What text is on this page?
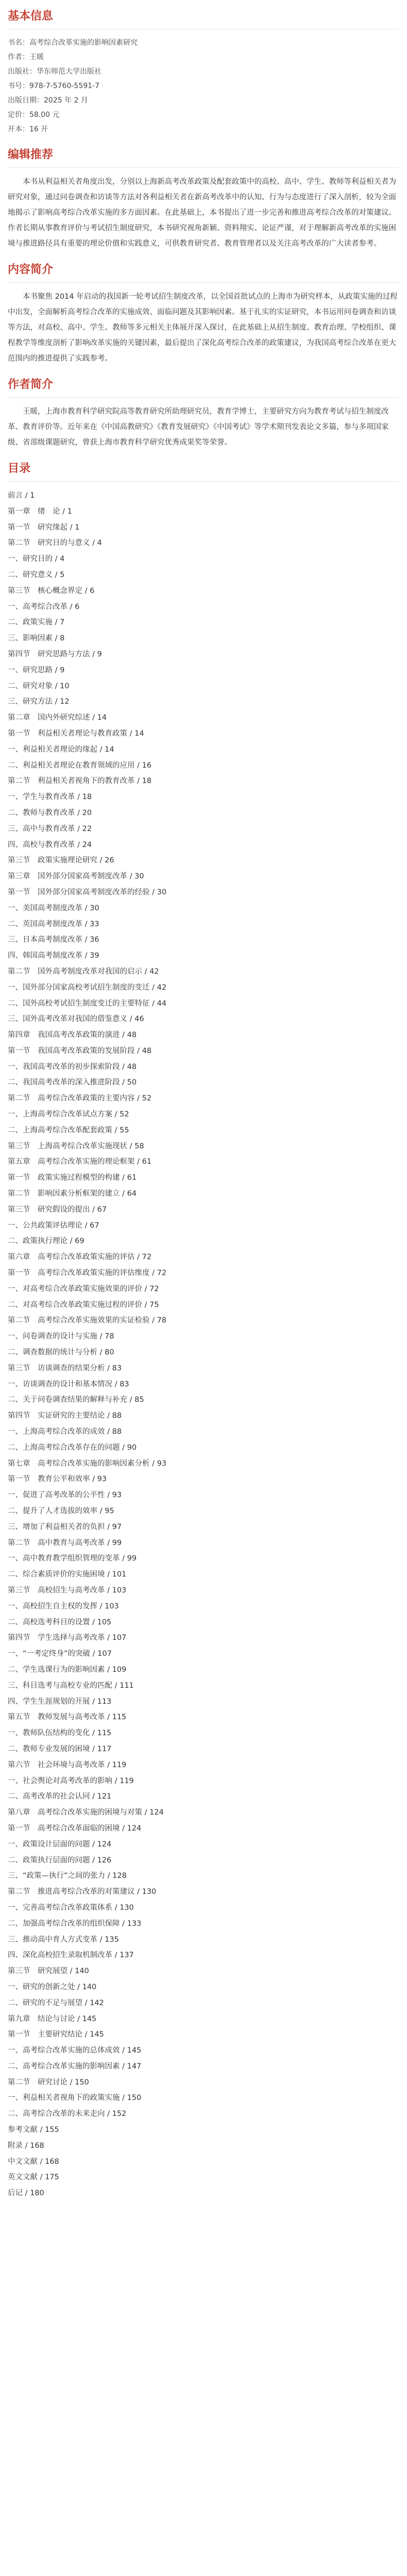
基本信息
书名：高考综合改革实施的影响因素研究
作者：王暖
出版社：华东师范大学出版社
书号：978-7-5760-5591-7
出版日期：2025 年 2 月
定价：58.00 元
开本：16 开
编辑推荐

本书从利益相关者角度出发，分别以上海新高考改革政策及配套政策中的高校、高中、学生、教师等利益相关者为研究对象，通过问卷调查和访谈等方法对各利益相关者在新高考改革中的认知、行为与态度进行了深入剖析，较为全面地揭示了影响高考综合改革实施的多方面因素。在此基础上，本书提出了进一步完善和推进高考综合改革的对策建议。作者长期从事教育评价与考试招生制度研究，本书研究视角新颖、资料翔实、论证严谨，对于理解新高考改革的实施困境与推进路径具有重要的理论价值和实践意义，可供教育研究者、教育管理者以及关注高考改革的广大读者参考。

内容简介

本书聚焦 2014 年启动的我国新一轮考试招生制度改革，以全国首批试点的上海市为研究样本，从政策实施的过程中出发，全面解析高考综合改革的实施成效、面临问题及其影响因素。基于扎实的实证研究，本书运用问卷调查和访谈等方法，对高校、高中、学生、教师等多元相关主体展开深入探讨，在此基础上从招生制度、教育治理、学校组织、课程教学等维度剖析了影响改革实施的关键因素，最后提出了深化高考综合改革的政策建议，为我国高考综合改革在更大范围内的推进提供了实践参考。

作者简介

王暖，上海市教育科学研究院高等教育研究所助理研究员，教育学博士，主要研究方向为教育考试与招生制度改革、教育评价等。近年来在《中国高教研究》《教育发展研究》《中国考试》等学术期刊发表论文多篇，参与多项国家级、省部级课题研究，曾获上海市教育科学研究优秀成果奖等荣誉。

目录
前言 / 1
第一章　绪　论 / 1
第一节　研究缘起 / 1
第二节　研究目的与意义 / 4
一、研究目的 / 4
二、研究意义 / 5
第三节　核心概念界定 / 6
一、高考综合改革 / 6
二、政策实施 / 7
三、影响因素 / 8
第四节　研究思路与方法 / 9
一、研究思路 / 9
二、研究对象 / 10
三、研究方法 / 12
第二章　国内外研究综述 / 14
第一节　利益相关者理论与教育政策 / 14
一、利益相关者理论的缘起 / 14
二、利益相关者理论在教育领域的应用 / 16
第二节　利益相关者视角下的教育改革 / 18
一、学生与教育改革 / 18
二、教师与教育改革 / 20
三、高中与教育改革 / 22
四、高校与教育改革 / 24
第三节　政策实施理论研究 / 26
第三章　国外部分国家高考制度改革 / 30
第一节　国外部分国家高考制度改革的经验 / 30
一、美国高考制度改革 / 30
二、英国高考制度改革 / 33
三、日本高考制度改革 / 36
四、韩国高考制度改革 / 39
第二节　国外高考制度改革对我国的启示 / 42
一、国外部分国家高校考试招生制度的变迁 / 42
二、国外高校考试招生制度变迁的主要特征 / 44
三、国外高考改革对我国的借鉴意义 / 46
第四章　我国高考改革政策的演进 / 48
第一节　我国高考改革政策的发展阶段 / 48
一、我国高考改革的初步探索阶段 / 48
二、我国高考改革的深入推进阶段 / 50
第二节　高考综合改革政策的主要内容 / 52
一、上海高考综合改革试点方案 / 52
二、上海高考综合改革配套政策 / 55
第三节　上海高考综合改革实施现状 / 58
第五章　高考综合改革实施的理论框架 / 61
第一节　政策实施过程模型的构建 / 61
第二节　影响因素分析框架的建立 / 64
第三节　研究假设的提出 / 67
一、公共政策评估理论 / 67
二、政策执行理论 / 69
第六章　高考综合改革政策实施的评估 / 72
第一节　高考综合改革政策实施的评估维度 / 72
一、对高考综合改革政策实施效果的评价 / 72
二、对高考综合改革政策实施过程的评价 / 75
第二节　高考综合改革实施效果的实证检验 / 78
一、问卷调查的设计与实施 / 78
二、调查数据的统计与分析 / 80
第三节　访谈调查的结果分析 / 83
一、访谈调查的设计和基本情况 / 83
二、关于问卷调查结果的解释与补充 / 85
第四节　实证研究的主要结论 / 88
一、上海高考综合改革的成效 / 88
二、上海高考综合改革存在的问题 / 90
第七章　高考综合改革实施的影响因素分析 / 93
第一节　教育公平和效率 / 93
一、促进了高考改革的公平性 / 93
二、提升了人才选拔的效率 / 95
三、增加了利益相关者的负担 / 97
第二节　高中教育与高考改革 / 99
一、高中教育教学组织管理的变革 / 99
二、综合素质评价的实施困境 / 101
第三节　高校招生与高考改革 / 103
一、高校招生自主权的发挥 / 103
二、高校选考科目的设置 / 105
第四节　学生选择与高考改革 / 107
一、“一考定终身”的突破 / 107
二、学生选课行为的影响因素 / 109
三、科目选考与高校专业的匹配 / 111
四、学生生涯规划的开展 / 113
第五节　教师发展与高考改革 / 115
一、教师队伍结构的变化 / 115
二、教师专业发展的困境 / 117
第六节　社会环境与高考改革 / 119
一、社会舆论对高考改革的影响 / 119
二、高考改革的社会认同 / 121
第八章　高考综合改革实施的困境与对策 / 124
第一节　高考综合改革面临的困境 / 124
一、政策设计层面的问题 / 124
二、政策执行层面的问题 / 126
三、“政策—执行”之间的张力 / 128
第二节　推进高考综合改革的对策建议 / 130
一、完善高考综合改革政策体系 / 130
二、加强高考综合改革的组织保障 / 133
三、推动高中育人方式变革 / 135
四、深化高校招生录取机制改革 / 137
第三节　研究展望 / 140
一、研究的创新之处 / 140
二、研究的不足与展望 / 142
第九章　结论与讨论 / 145
第一节　主要研究结论 / 145
一、高考综合改革实施的总体成效 / 145
二、高考综合改革实施的影响因素 / 147
第二节　研究讨论 / 150
一、利益相关者视角下的政策实施 / 150
二、高考综合改革的未来走向 / 152
参考文献 / 155
附录 / 168
中文文献 / 168
英文文献 / 175
后记 / 180
